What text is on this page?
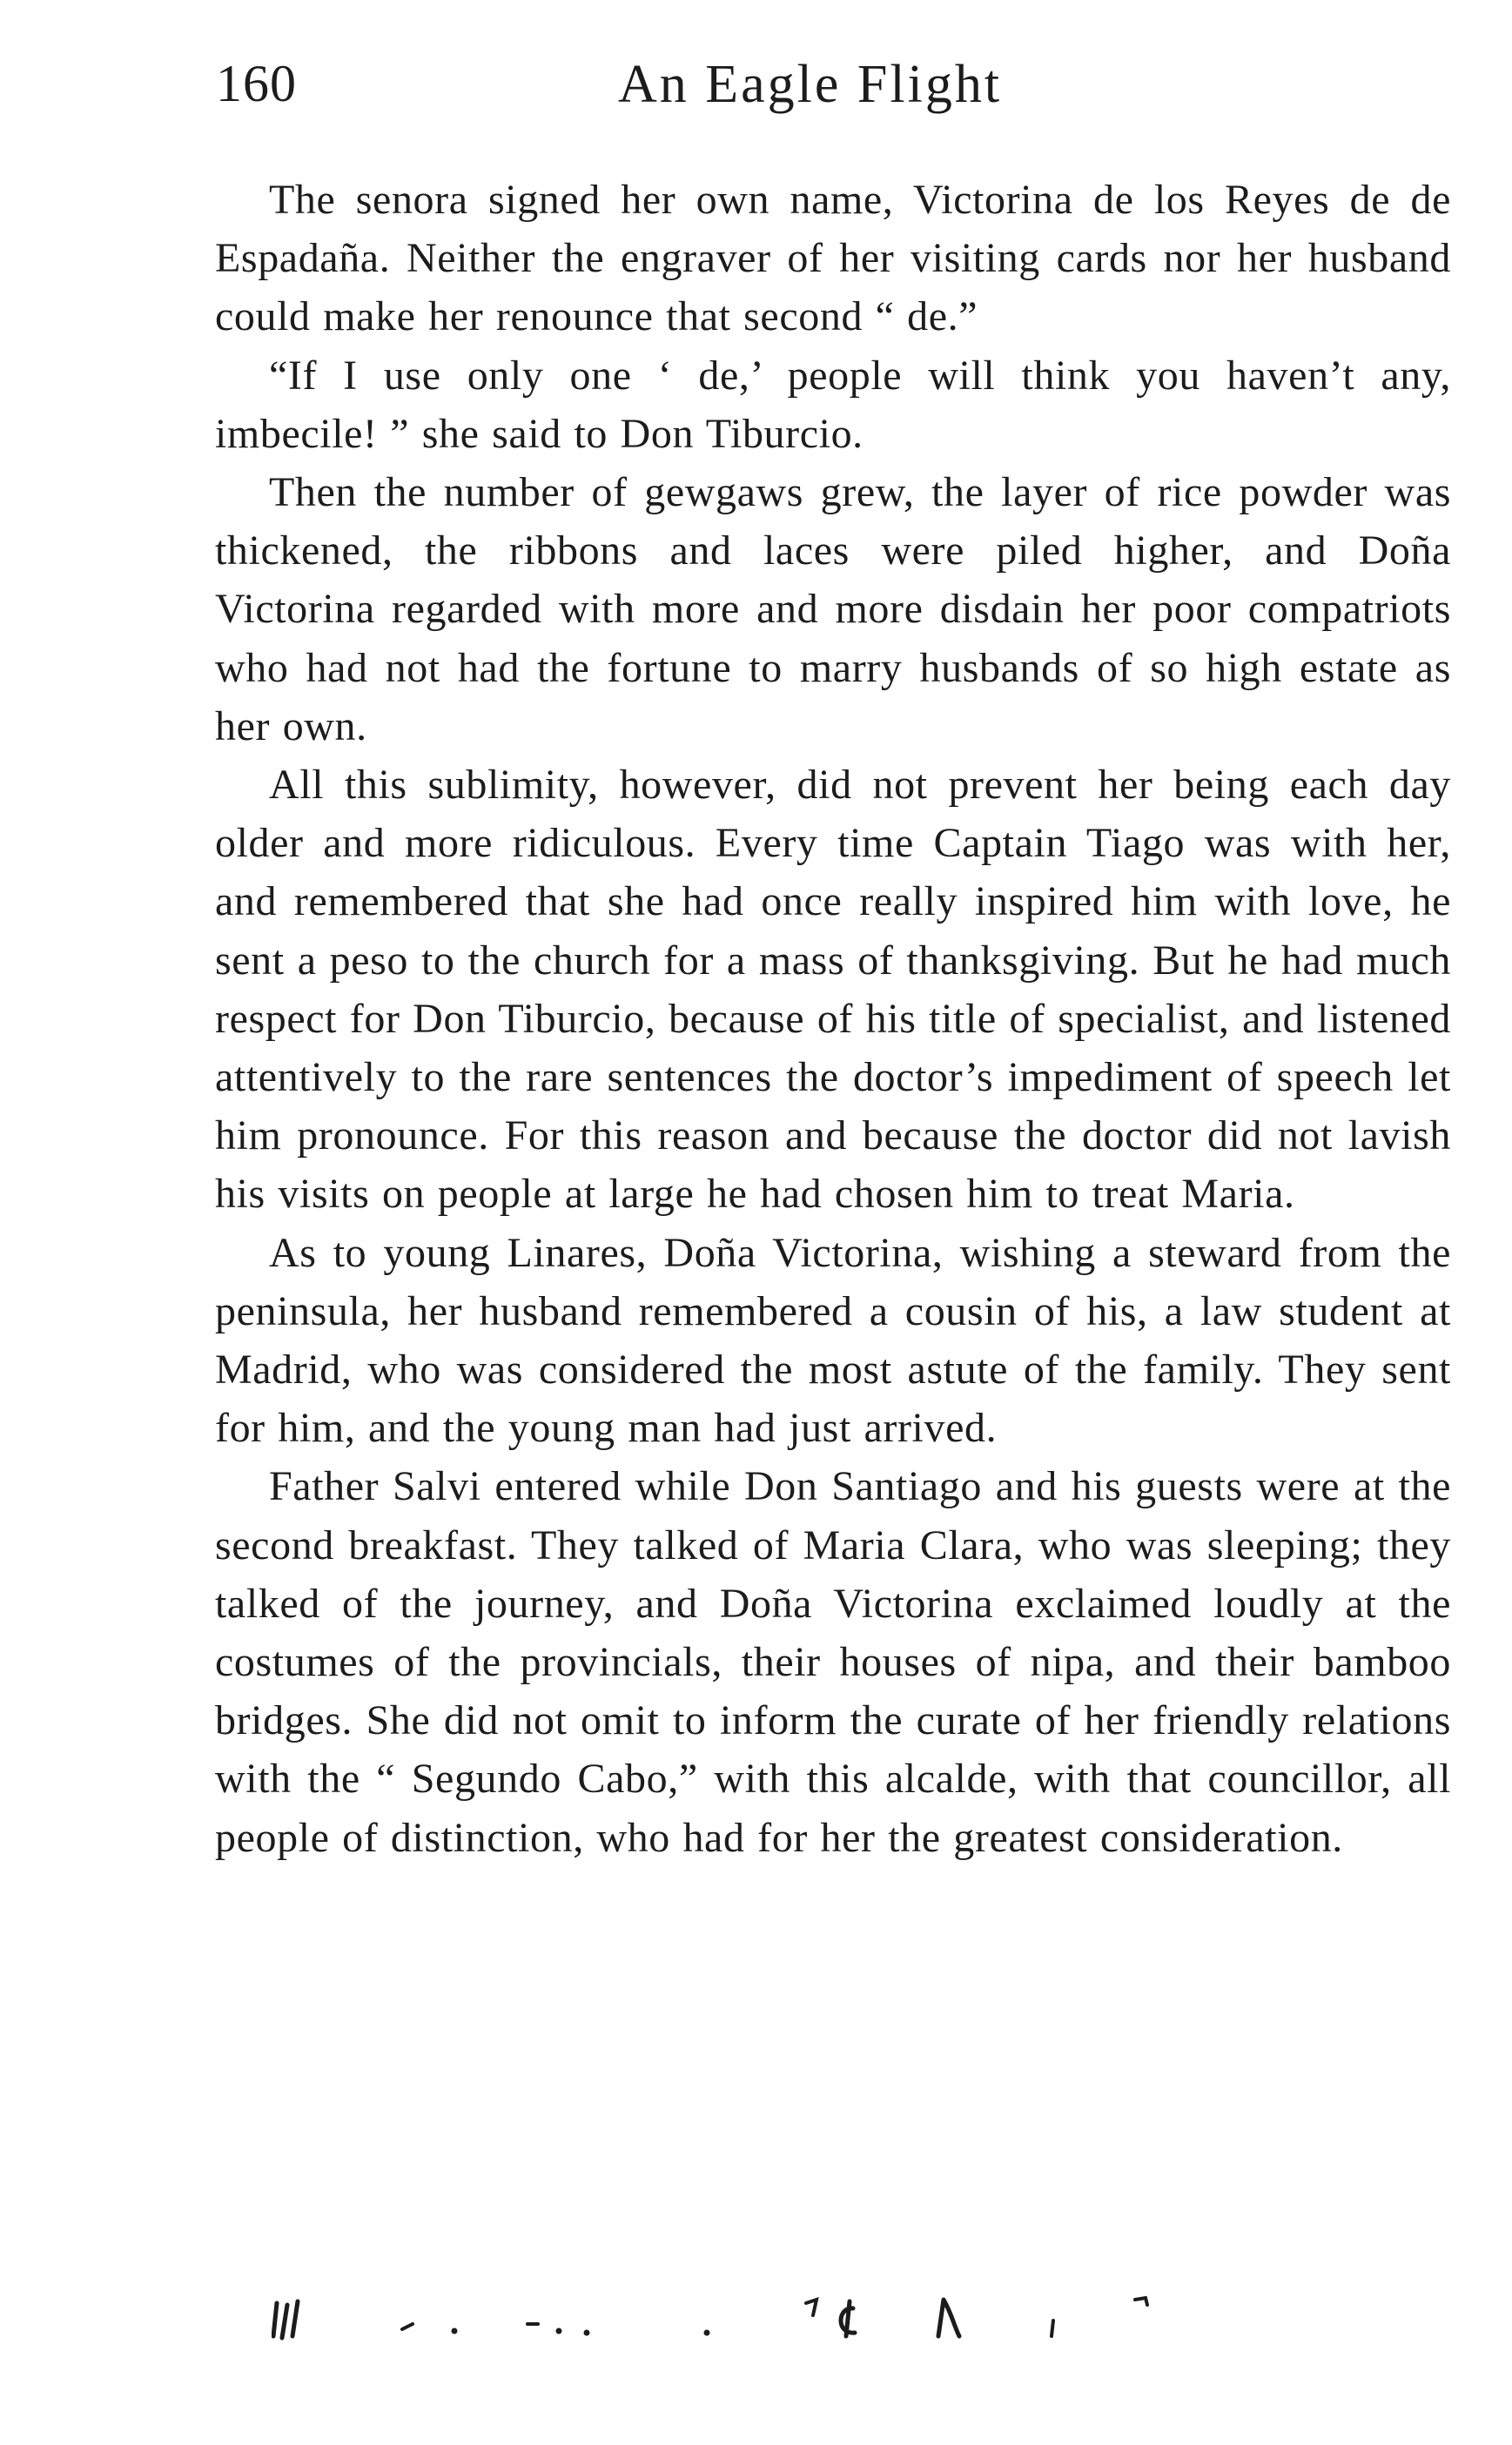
160	An Eagle Flight

The senora signed her own name, Victorina de los Reyes de de Espadaña. Neither the engraver of her visiting cards nor her husband could make her renounce that second “ de.”

“If I use only one ‘ de,’ people will think you haven’t any, imbecile! ” she said to Don Tiburcio.

Then the number of gewgaws grew, the layer of rice powder was thickened, the ribbons and laces were piled higher, and Doña Victorina regarded with more and more disdain her poor compatriots who had not had the fortune to marry husbands of so high estate as her own.

All this sublimity, however, did not prevent her being each day older and more ridiculous. Every time Captain Tiago was with her, and remembered that she had once really inspired him with love, he sent a peso to the church for a mass of thanksgiving. But he had much respect for Don Tiburcio, because of his title of specialist, and listened attentively to the rare sentences the doctor’s impediment of speech let him pronounce. For this reason and because the doctor did not lavish his visits on people at large he had chosen him to treat Maria.

As to young Linares, Doña Victorina, wishing a steward from the peninsula, her husband remembered a cousin of his, a law student at Madrid, who was considered the most astute of the family. They sent for him, and the young man had just arrived.

Father Salvi entered while Don Santiago and his guests were at the second breakfast. They talked of Maria Clara, who was sleeping; they talked of the journey, and Doña Victorina exclaimed loudly at the costumes of the provincials, their houses of nipa, and their bamboo bridges. She did not omit to inform the curate of her friendly relations with the “ Segundo Cabo,” with this alcalde, with that councillor, all people of distinction, who had for her the greatest consideration.
